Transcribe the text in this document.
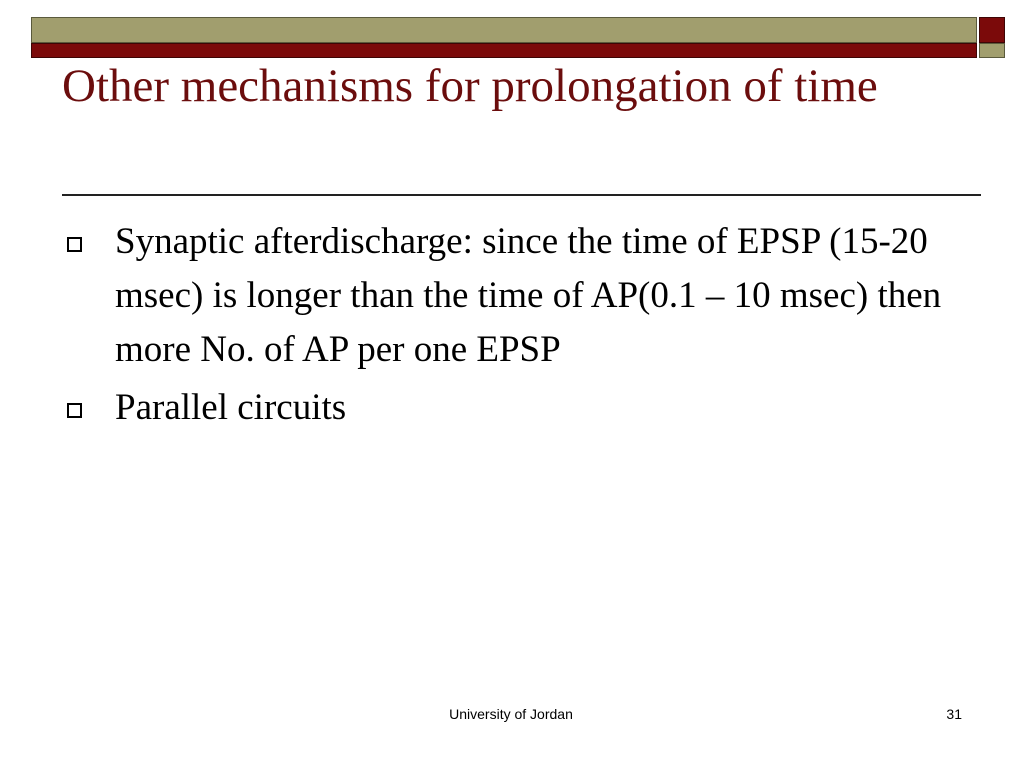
Other mechanisms for prolongation of time
Synaptic afterdischarge: since the time of EPSP (15-20 msec) is longer than the time of AP(0.1 – 10 msec) then more No. of AP per one EPSP
Parallel circuits
University of Jordan	31
